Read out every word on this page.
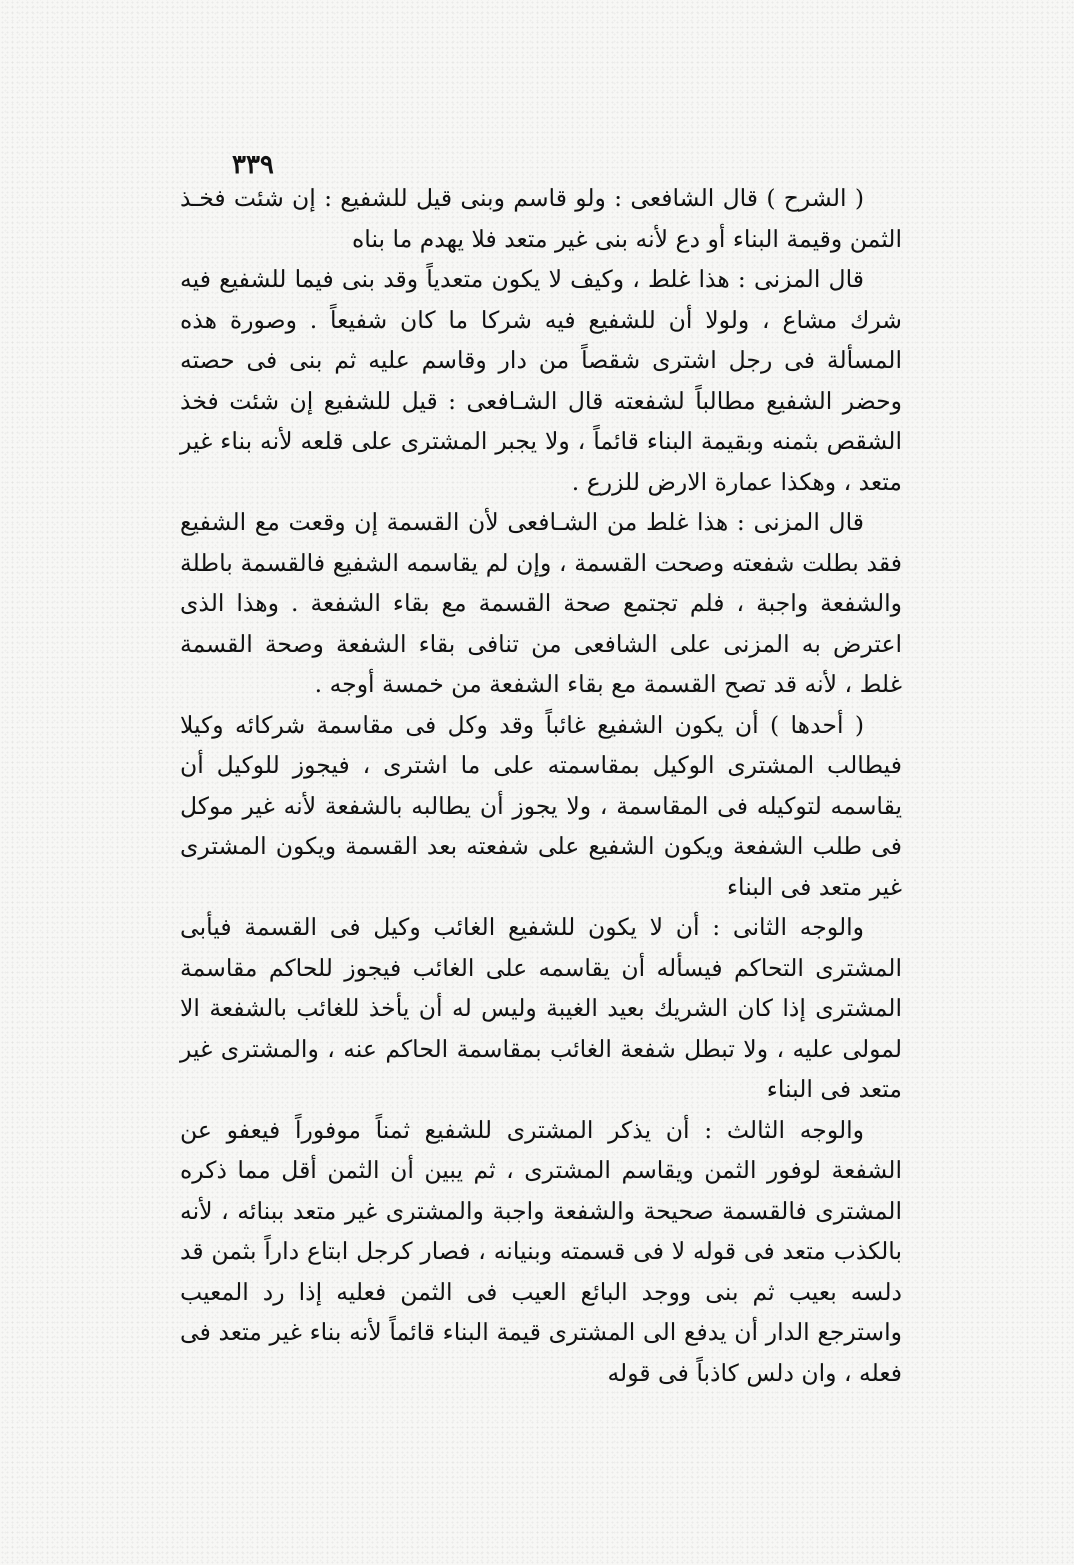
٣٣٩

( الشرح ) قال الشافعى : ولو قاسم وبنى قيل للشفيع : إن شئت فخـذ الثمن وقيمة البناء أو دع لأنه بنى غير متعد فلا يهدم ما بناه

قال المزنى : هذا غلط ، وكيف لا يكون متعدياً وقد بنى فيما للشفيع فيه شرك مشاع ، ولولا أن للشفيع فيه شركا ما كان شفيعاً . وصورة هذه المسألة فى رجل اشترى شقصاً من دار وقاسم عليه ثم بنى فى حصته وحضر الشفيع مطالباً لشفعته قال الشـافعى : قيل للشفيع إن شئت فخذ الشقص بثمنه وبقيمة البناء قائماً ، ولا يجبر المشترى على قلعه لأنه بناء غير متعد ، وهكذا عمارة الارض للزرع .

قال المزنى : هذا غلط من الشـافعى لأن القسمة إن وقعت مع الشفيع فقد بطلت شفعته وصحت القسمة ، وإن لم يقاسمه الشفيع فالقسمة باطلة والشفعة واجبة ، فلم تجتمع صحة القسمة مع بقاء الشفعة . وهذا الذى اعترض به المزنى على الشافعى من تنافى بقاء الشفعة وصحة القسمة غلط ، لأنه قد تصح القسمة مع بقاء الشفعة من خمسة أوجه .

( أحدها ) أن يكون الشفيع غائباً وقد وكل فى مقاسمة شركائه وكيلا فيطالب المشترى الوكيل بمقاسمته على ما اشترى ، فيجوز للوكيل أن يقاسمه لتوكيله فى المقاسمة ، ولا يجوز أن يطالبه بالشفعة لأنه غير موكل فى طلب الشفعة ويكون الشفيع على شفعته بعد القسمة ويكون المشترى غير متعد فى البناء

والوجه الثانى : أن لا يكون للشفيع الغائب وكيل فى القسمة فيأبى المشترى التحاكم فيسأله أن يقاسمه على الغائب فيجوز للحاكم مقاسمة المشترى إذا كان الشريك بعيد الغيبة وليس له أن يأخذ للغائب بالشفعة الا لمولى عليه ، ولا تبطل شفعة الغائب بمقاسمة الحاكم عنه ، والمشترى غير متعد فى البناء

والوجه الثالث : أن يذكر المشترى للشفيع ثمناً موفوراً فيعفو عن الشفعة لوفور الثمن ويقاسم المشترى ، ثم يبين أن الثمن أقل مما ذكره المشترى فالقسمة صحيحة والشفعة واجبة والمشترى غير متعد ببنائه ، لأنه بالكذب متعد فى قوله لا فى قسمته وبنيانه ، فصار كرجل ابتاع داراً بثمن قد دلسه بعيب ثم بنى ووجد البائع العيب فى الثمن فعليه إذا رد المعيب واسترجع الدار أن يدفع الى المشترى قيمة البناء قائماً لأنه بناء غير متعد فى فعله ، وان دلس كاذباً فى قوله
